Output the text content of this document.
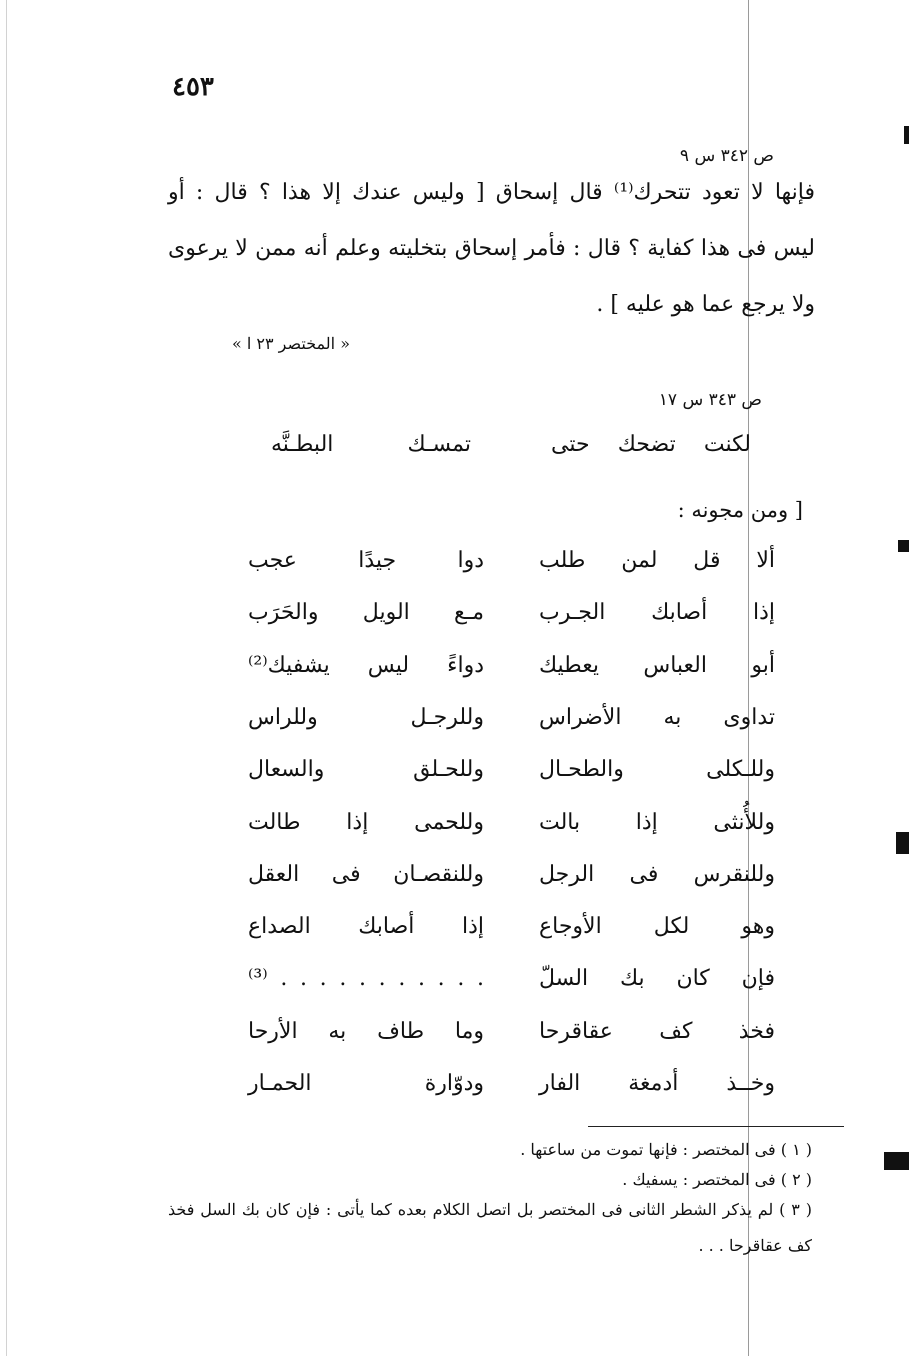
٤٥٣
ص ٣٤٢ س ٩
فإنها لا تعود تتحرك⁽¹⁾ قال إسحاق [ وليس عندك إلا هذا ؟ قال : أو
ليس فى هذا كفاية ؟ قال : فأمر إسحاق بتخليته وعلم أنه ممن لا يرعوى
ولا يرجع عما هو عليه ] .
« المختصر ٢٣ ا »
ص ٣٤٣ س ١٧
لكنت تضحك حتى
تمسـك البطـنَّه
[ ومن مجونه :
ألا قل لمن طلب
دوا جيدًا عجب
إذا أصابك الجـرب
مـع الويل والحَرَب
أبو العباس يعطيك
دواءً ليس يشفيك⁽²⁾
تداوى به الأضراس
وللرجـل وللراس
وللـكلى والطحـال
وللحـلق والسعال
وللأُنثى إذا بالت
وللحمى إذا طالت
وللنقرس فى الرجل
وللنقصـان فى العقل
وهو لكل الأوجاع
إذا أصابك الصداع
فإن كان بك السلّ
. . . . . . . . . . . ⁽³⁾
فخذ كف عقاقرحا
وما طاف به الأرحا
وخــذ أدمغة الفار
ودوّارة الحمـار
( ١ ) فى المختصر : فإنها تموت من ساعتها .
( ٢ ) فى المختصر : يسفيك .
( ٣ ) لم يذكر الشطر الثانى فى المختصر بل اتصل الكلام بعده كما يأتى : فإن كان بك السل فخذ
كف عقاقرحا . . .
